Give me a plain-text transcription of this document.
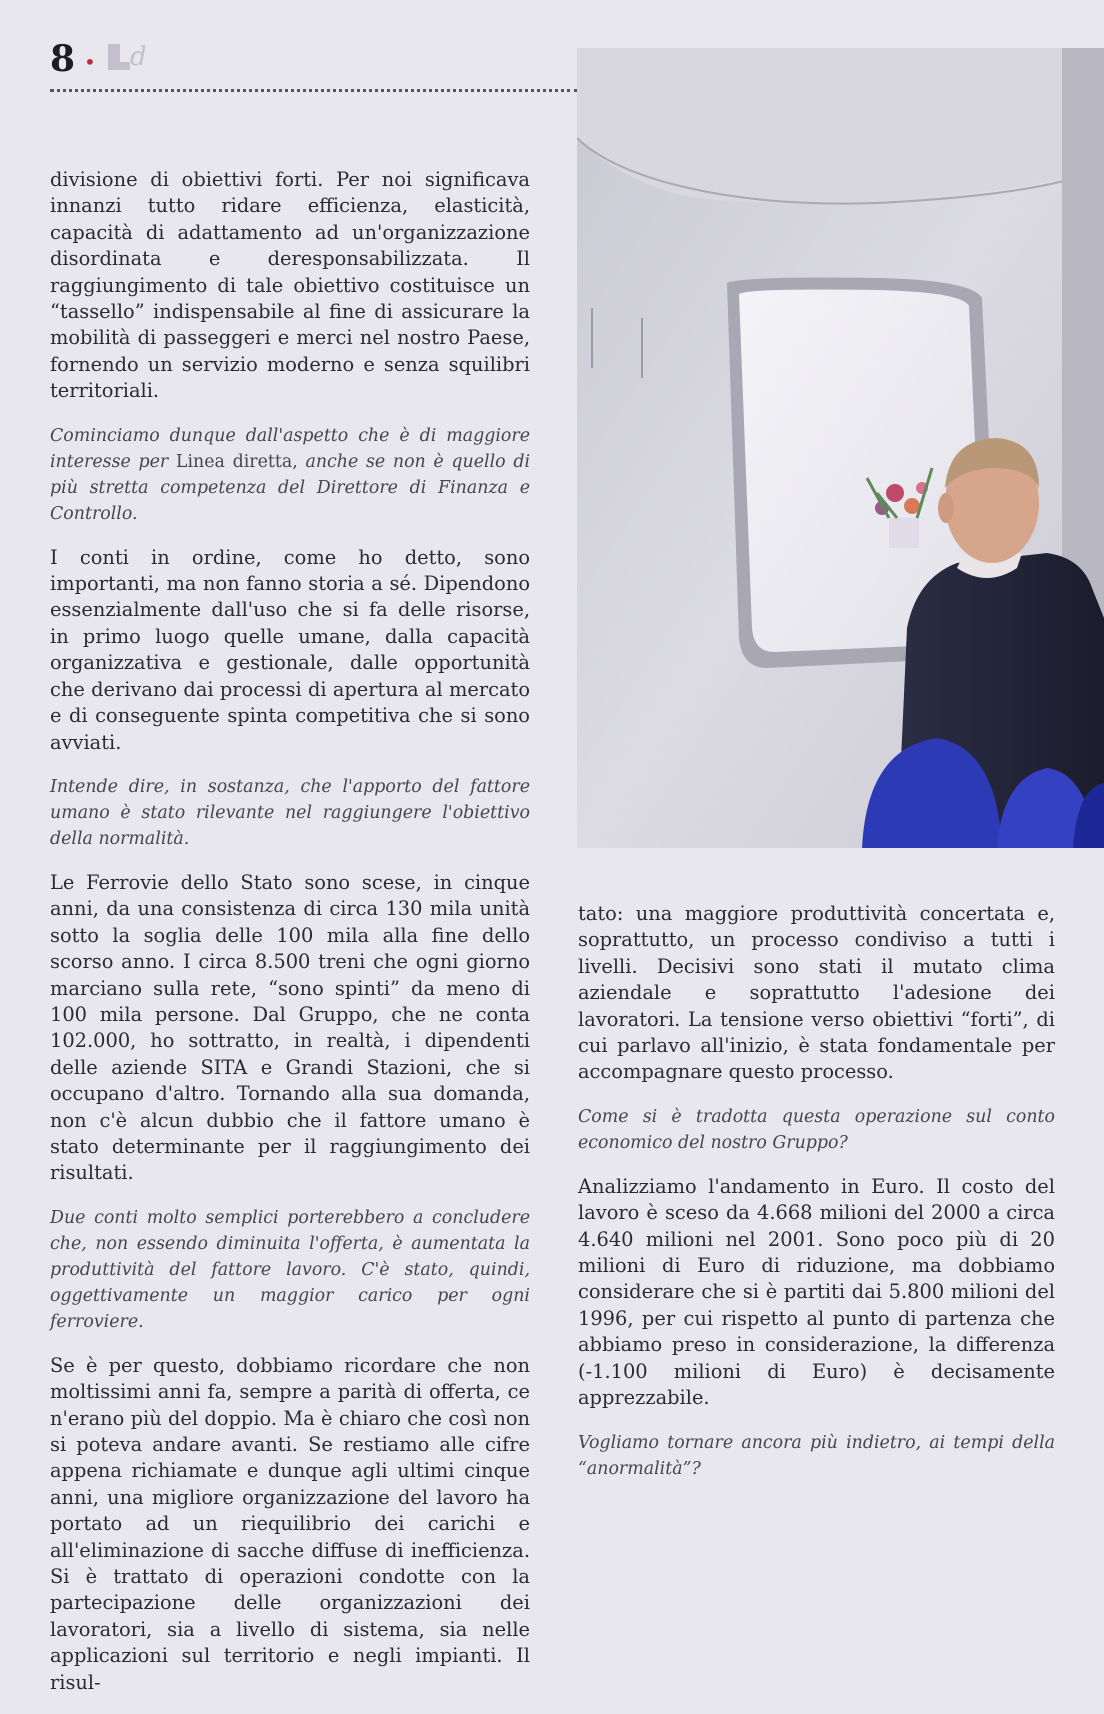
8 • d

divisione di obiettivi forti. Per noi significava innanzi tutto ridare efficienza, elasticità, capacità di adattamento ad un'organizzazione disordinata e deresponsabilizzata. Il raggiungimento di tale obiettivo costituisce un “tassello” indispensabile al fine di assicurare la mobilità di passeggeri e merci nel nostro Paese, fornendo un servizio moderno e senza squilibri territoriali.

Cominciamo dunque dall'aspetto che è di maggiore interesse per Linea diretta, anche se non è quello di più stretta competenza del Direttore di Finanza e Controllo.

I conti in ordine, come ho detto, sono importanti, ma non fanno storia a sé. Dipendono essenzialmente dall'uso che si fa delle risorse, in primo luogo quelle umane, dalla capacità organizzativa e gestionale, dalle opportunità che derivano dai processi di apertura al mercato e di conseguente spinta competitiva che si sono avviati.

Intende dire, in sostanza, che l'apporto del fattore umano è stato rilevante nel raggiungere l'obiettivo della normalità.

Le Ferrovie dello Stato sono scese, in cinque anni, da una consistenza di circa 130 mila unità sotto la soglia delle 100 mila alla fine dello scorso anno. I circa 8.500 treni che ogni giorno marciano sulla rete, “sono spinti” da meno di 100 mila persone. Dal Gruppo, che ne conta 102.000, ho sottratto, in realtà, i dipendenti delle aziende SITA e Grandi Stazioni, che si occupano d'altro. Tornando alla sua domanda, non c'è alcun dubbio che il fattore umano è stato determinante per il raggiungimento dei risultati.

Due conti molto semplici porterebbero a concludere che, non essendo diminuita l'offerta, è aumentata la produttività del fattore lavoro. C'è stato, quindi, oggettivamente un maggior carico per ogni ferroviere.

Se è per questo, dobbiamo ricordare che non moltissimi anni fa, sempre a parità di offerta, ce n'erano più del doppio. Ma è chiaro che così non si poteva andare avanti. Se restiamo alle cifre appena richiamate e dunque agli ultimi cinque anni, una migliore organizzazione del lavoro ha portato ad un riequilibrio dei carichi e all'eliminazione di sacche diffuse di inefficienza. Si è trattato di operazioni condotte con la partecipazione delle organizzazioni dei lavoratori, sia a livello di sistema, sia nelle applicazioni sul territorio e negli impianti. Il risul-

tato: una maggiore produttività concertata e, soprattutto, un processo condiviso a tutti i livelli. Decisivi sono stati il mutato clima aziendale e soprattutto l'adesione dei lavoratori. La tensione verso obiettivi “forti”, di cui parlavo all'inizio, è stata fondamentale per accompagnare questo processo.

Come si è tradotta questa operazione sul conto economico del nostro Gruppo?

Analizziamo l'andamento in Euro. Il costo del lavoro è sceso da 4.668 milioni del 2000 a circa 4.640 milioni nel 2001. Sono poco più di 20 milioni di Euro di riduzione, ma dobbiamo considerare che si è partiti dai 5.800 milioni del 1996, per cui rispetto al punto di partenza che abbiamo preso in considerazione, la differenza (-1.100 milioni di Euro) è decisamente apprezzabile.

Vogliamo tornare ancora più indietro, ai tempi della “anormalità”?
